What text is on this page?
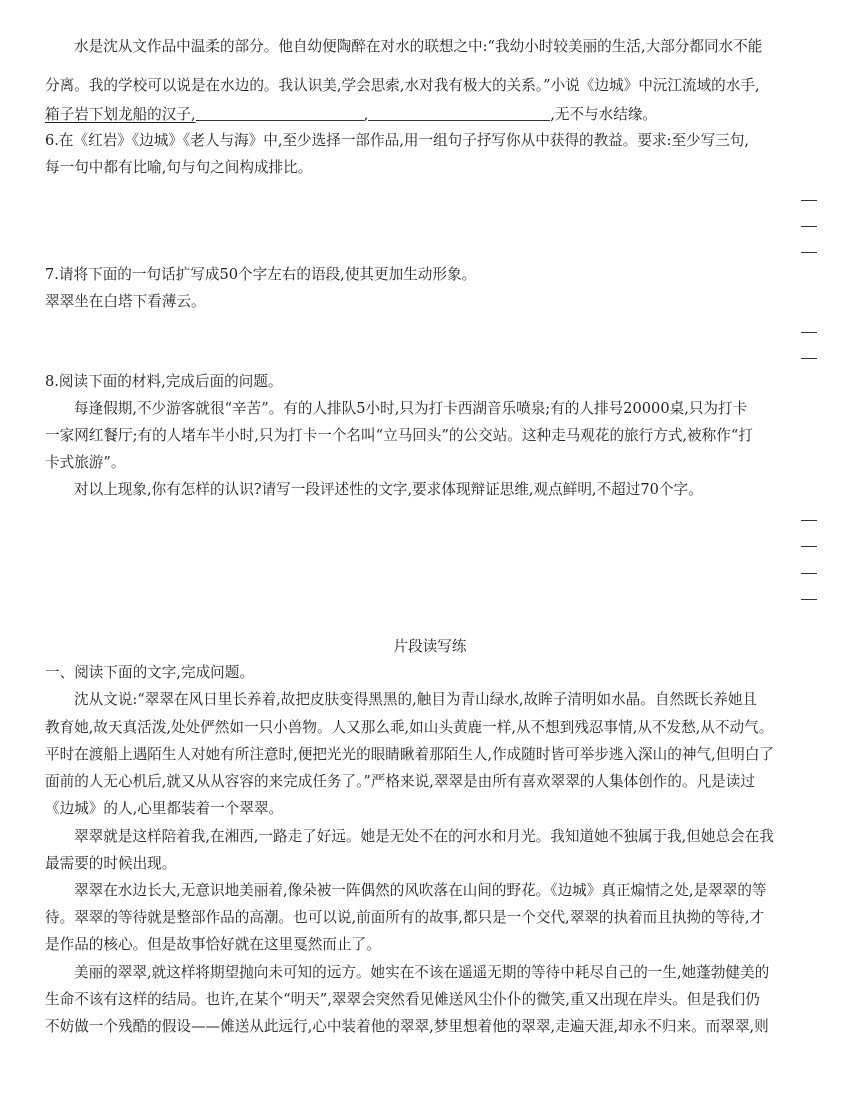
水是沈从文作品中温柔的部分。他自幼便陶醉在对水的联想之中:“我幼小时较美丽的生活,大部分都同水不能
分离。我的学校可以说是在水边的。我认识美,学会思索,水对我有极大的关系。”小说《边城》中沅江流域的水手,
箱子岩下划龙船的汉子,	,	,无不与水结缘。
6.在《红岩》《边城》《老人与海》中,至少选择一部作品,用一组句子抒写你从中获得的教益。要求:至少写三句,
每一句中都有比喻,句与句之间构成排比。
7.请将下面的一句话扩写成50个字左右的语段,使其更加生动形象。
翠翠坐在白塔下看薄云。
8.阅读下面的材料,完成后面的问题。
每逢假期,不少游客就很“辛苦”。有的人排队5小时,只为打卡西湖音乐喷泉;有的人排号20000桌,只为打卡
一家网红餐厅;有的人堵车半小时,只为打卡一个名叫“立马回头”的公交站。这种走马观花的旅行方式,被称作“打
卡式旅游”。
对以上现象,你有怎样的认识?请写一段评述性的文字,要求体现辩证思维,观点鲜明,不超过70个字。
片段读写练
一、阅读下面的文字,完成问题。
沈从文说:“翠翠在风日里长养着,故把皮肤变得黑黑的,触目为青山绿水,故眸子清明如水晶。自然既长养她且
教育她,故天真活泼,处处俨然如一只小兽物。人又那么乖,如山头黄鹿一样,从不想到残忍事情,从不发愁,从不动气。
平时在渡船上遇陌生人对她有所注意时,便把光光的眼睛瞅着那陌生人,作成随时皆可举步逃入深山的神气,但明白了
面前的人无心机后,就又从从容容的来完成任务了。”严格来说,翠翠是由所有喜欢翠翠的人集体创作的。凡是读过
《边城》的人,心里都装着一个翠翠。
翠翠就是这样陪着我,在湘西,一路走了好远。她是无处不在的河水和月光。我知道她不独属于我,但她总会在我
最需要的时候出现。
翠翠在水边长大,无意识地美丽着,像朵被一阵偶然的风吹落在山间的野花。《边城》真正煽情之处,是翠翠的等
待。翠翠的等待就是整部作品的高潮。也可以说,前面所有的故事,都只是一个交代,翠翠的执着而且执拗的等待,才
是作品的核心。但是故事恰好就在这里戛然而止了。
美丽的翠翠,就这样将期望抛向未可知的远方。她实在不该在遥遥无期的等待中耗尽自己的一生,她蓬勃健美的
生命不该有这样的结局。也许,在某个“明天”,翠翠会突然看见傩送风尘仆仆的微笑,重又出现在岸头。但是我们仍
不妨做一个残酷的假设——傩送从此远行,心中装着他的翠翠,梦里想着他的翠翠,走遍天涯,却永不归来。而翠翠,则
